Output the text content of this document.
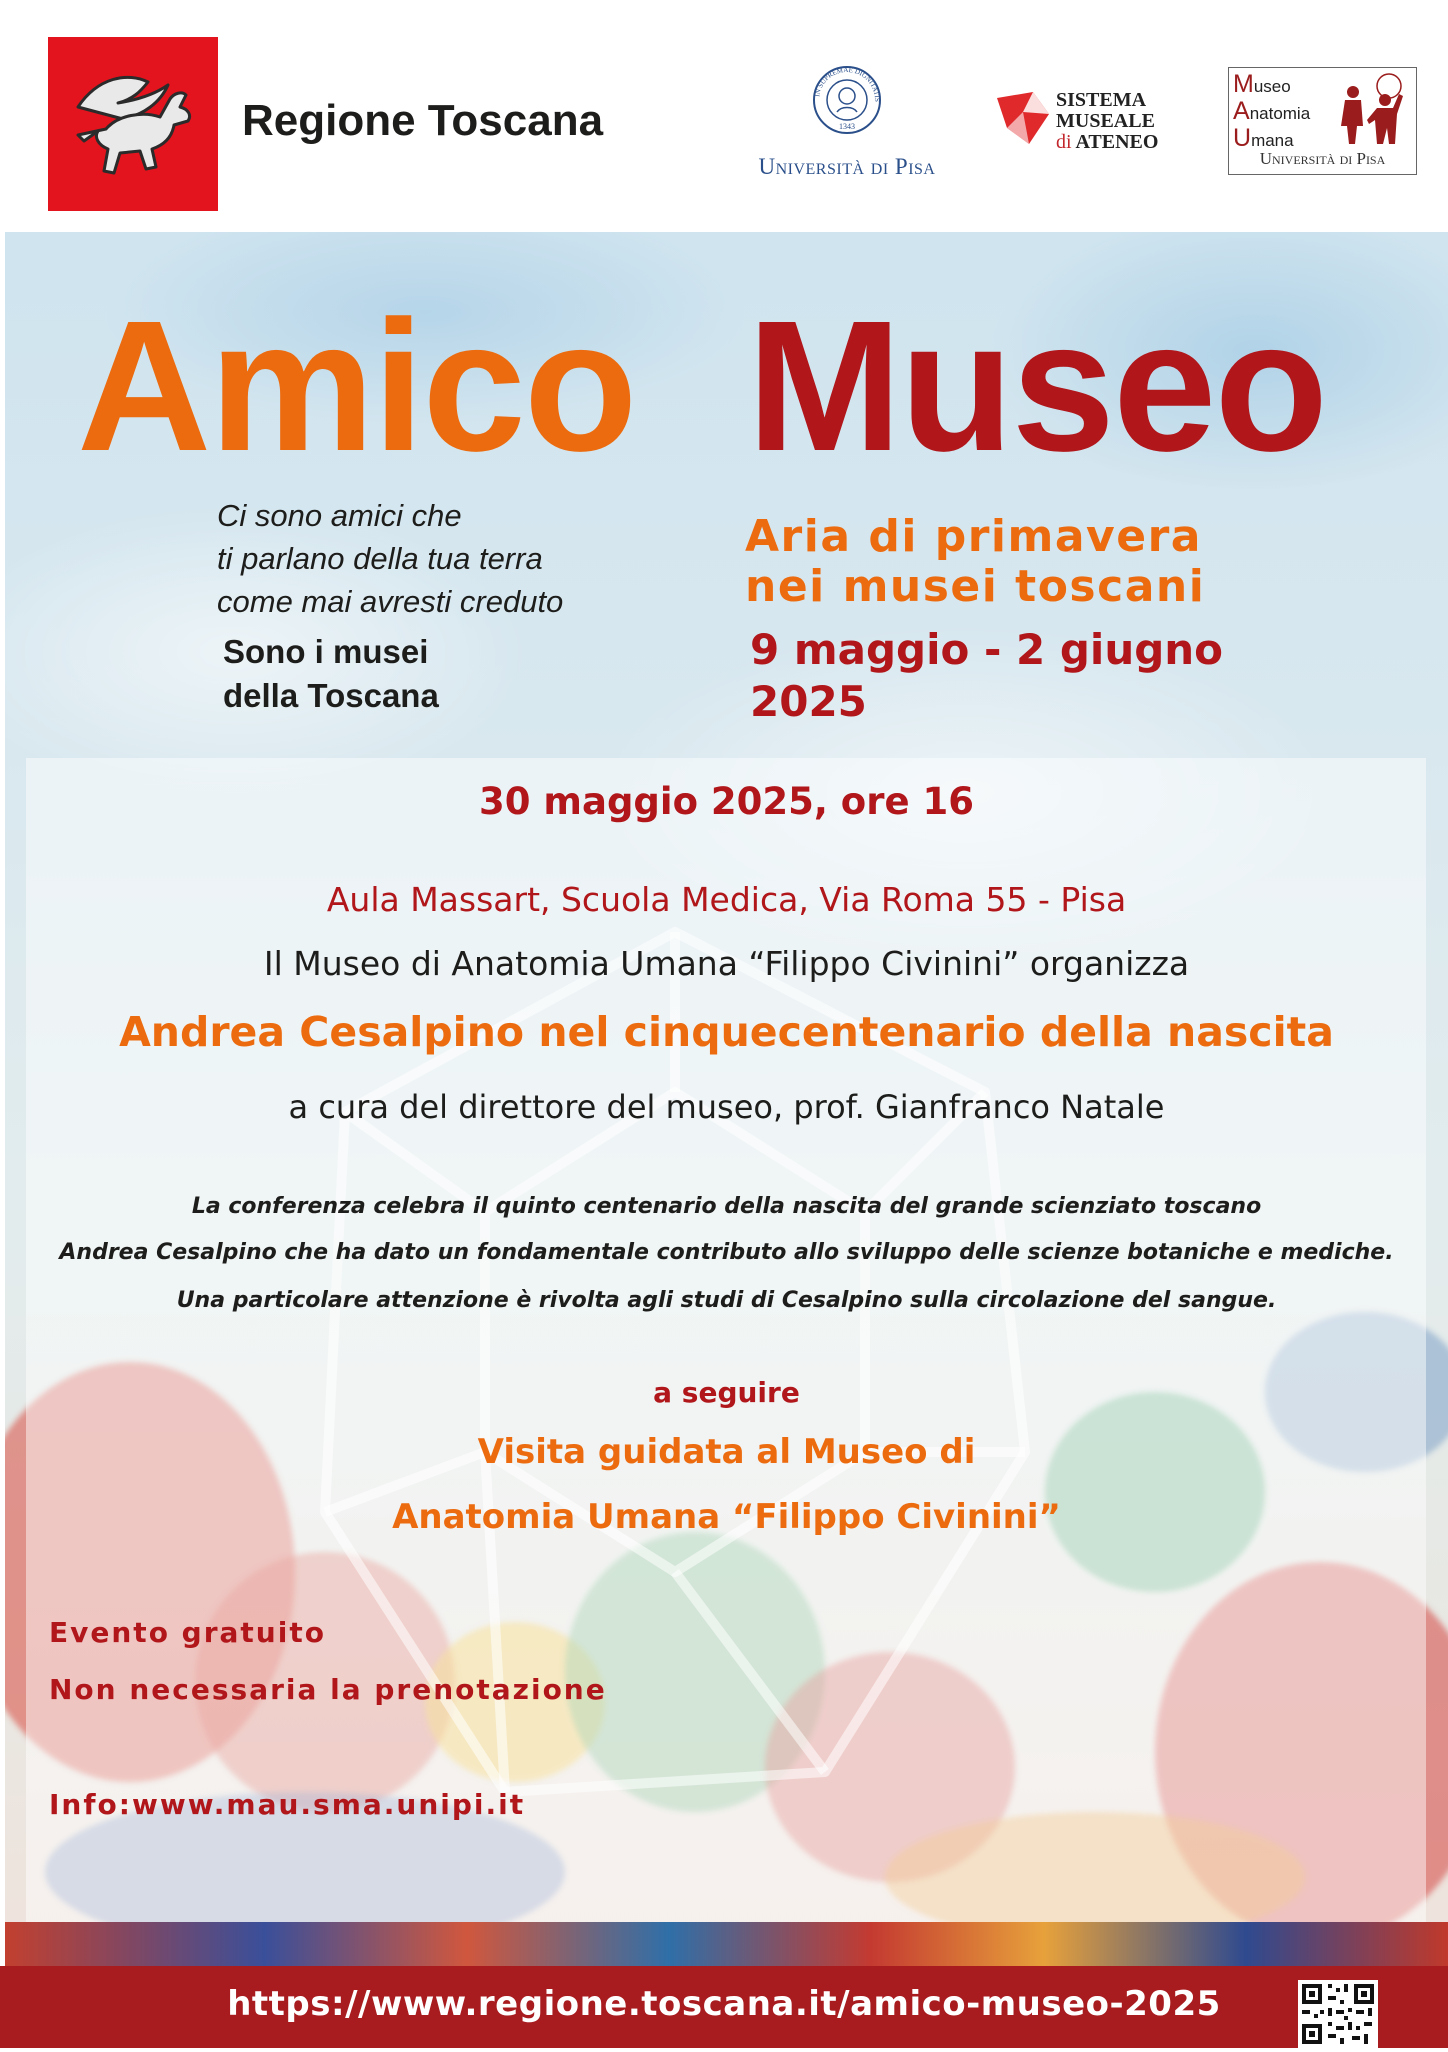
Regione Toscana	1343
IN SUPREMAE DIGNITATIS
Università di Pisa
SISTEMA
MUSEALE
di ATENEO
Museo
Anatomia
Umana
Università di Pisa
Amico Museo
Ci sono amici che
ti parlano della tua terra
come mai avresti creduto
Sono i musei
della Toscana
Aria di primavera
nei musei toscani
9 maggio - 2 giugno
2025
30 maggio 2025, ore 16
Aula Massart, Scuola Medica, Via Roma 55 - Pisa
Il Museo di Anatomia Umana “Filippo Civinini” organizza
Andrea Cesalpino nel cinquecentenario della nascita
a cura del direttore del museo, prof. Gianfranco Natale
La conferenza celebra il quinto centenario della nascita del grande scienziato toscano
Andrea Cesalpino che ha dato un fondamentale contributo allo sviluppo delle scienze botaniche e mediche.
Una particolare attenzione è rivolta agli studi di Cesalpino sulla circolazione del sangue.
a seguire
Visita guidata al Museo di
Anatomia Umana “Filippo Civinini”
Evento gratuito
Non necessaria la prenotazione
Info:www.mau.sma.unipi.it
https://www.regione.toscana.it/amico-museo-2025
